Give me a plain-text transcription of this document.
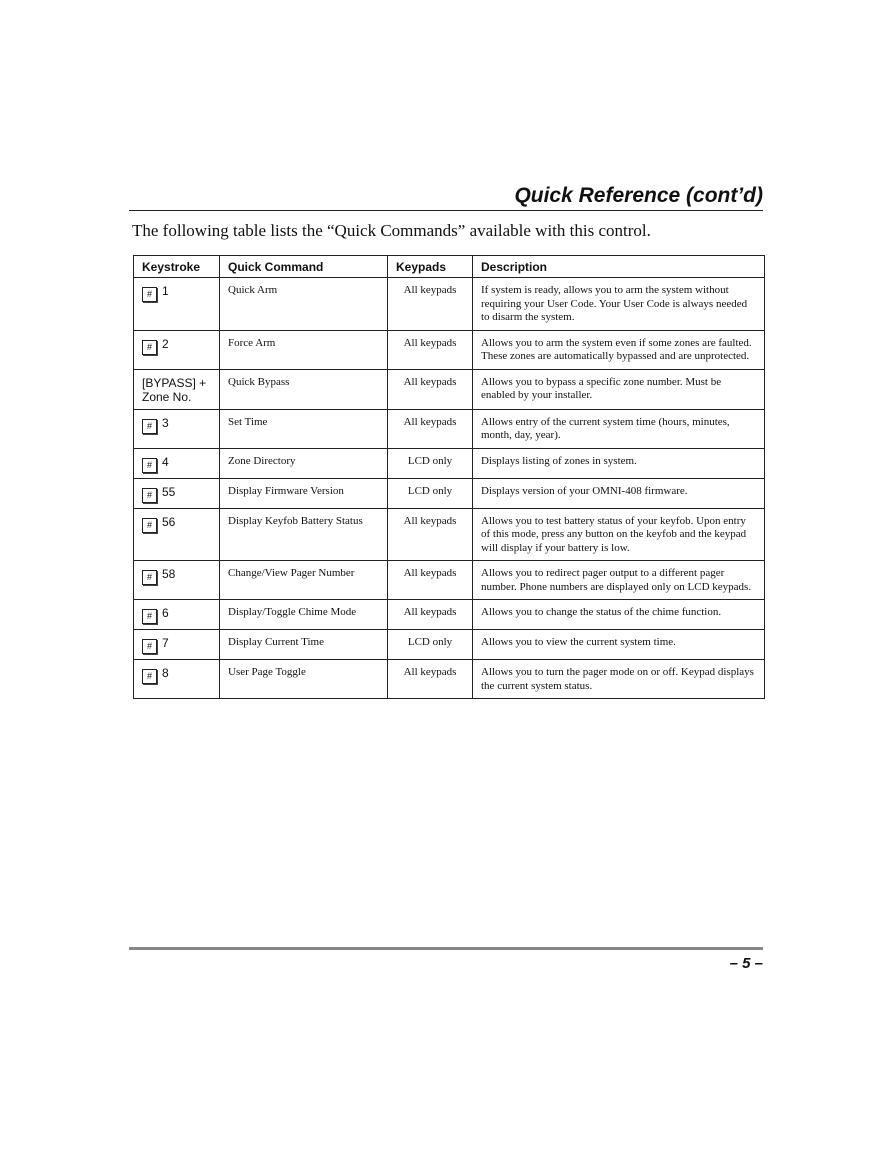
Quick Reference (cont’d)
The following table lists the “Quick Commands” available with this control.
Keystroke	Quick Command	Keypads	Description
# 1	Quick Arm	All keypads	If system is ready, allows you to arm the system without requiring your User Code. Your User Code is always needed to disarm the system.
# 2	Force Arm	All keypads	Allows you to arm the system even if some zones are faulted. These zones are automatically bypassed and are unprotected.
[BYPASS] +
Zone No.	Quick Bypass	All keypads	Allows you to bypass a specific zone number. Must be enabled by your installer.
# 3	Set Time	All keypads	Allows entry of the current system time (hours, minutes, month, day, year).
# 4	Zone Directory	LCD only	Displays listing of zones in system.
# 55	Display Firmware Version	LCD only	Displays version of your OMNI-408 firmware.
# 56	Display Keyfob Battery Status	All keypads	Allows you to test battery status of your keyfob. Upon entry of this mode, press any button on the keyfob and the keypad will display if your battery is low.
# 58	Change/View Pager Number	All keypads	Allows you to redirect pager output to a different pager number. Phone numbers are displayed only on LCD keypads.
# 6	Display/Toggle Chime Mode	All keypads	Allows you to change the status of the chime function.
# 7	Display Current Time	LCD only	Allows you to view the current system time.
# 8	User Page Toggle	All keypads	Allows you to turn the pager mode on or off. Keypad displays the current system status.
– 5 –
